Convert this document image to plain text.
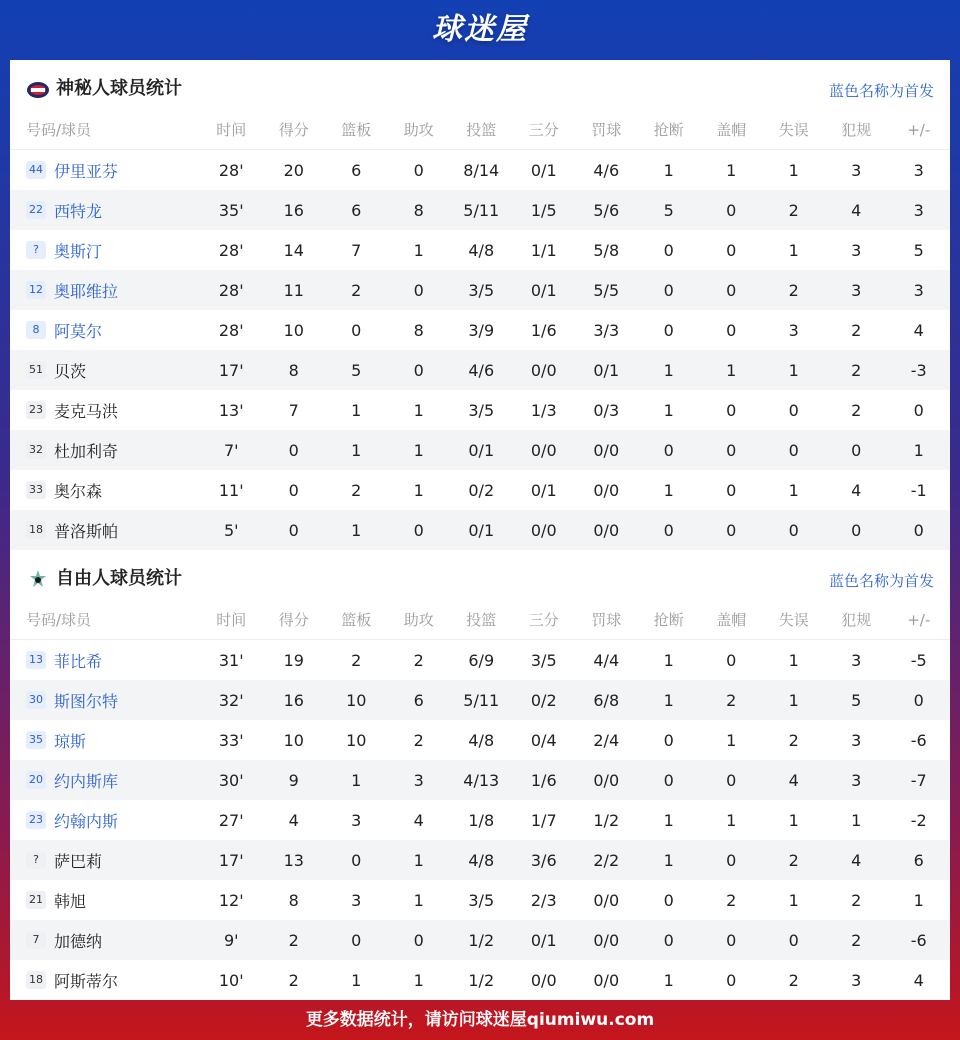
球迷屋
神秘人球员统计	蓝色名称为首发
号码/球员	时间	得分	篮板	助攻	投篮	三分	罚球	抢断	盖帽	失误	犯规	+/-
44 伊里亚芬	28'	20	6	0	8/14	0/1	4/6	1	1	1	3	3
22 西特龙	35'	16	6	8	5/11	1/5	5/6	5	0	2	4	3
? 奥斯汀	28'	14	7	1	4/8	1/1	5/8	0	0	1	3	5
12 奥耶维拉	28'	11	2	0	3/5	0/1	5/5	0	0	2	3	3
8 阿莫尔	28'	10	0	8	3/9	1/6	3/3	0	0	3	2	4
51 贝茨	17'	8	5	0	4/6	0/0	0/1	1	1	1	2	-3
23 麦克马洪	13'	7	1	1	3/5	1/3	0/3	1	0	0	2	0
32 杜加利奇	7'	0	1	1	0/1	0/0	0/0	0	0	0	0	1
33 奥尔森	11'	0	2	1	0/2	0/1	0/0	1	0	1	4	-1
18 普洛斯帕	5'	0	1	0	0/1	0/0	0/0	0	0	0	0	0
自由人球员统计	蓝色名称为首发
号码/球员	时间	得分	篮板	助攻	投篮	三分	罚球	抢断	盖帽	失误	犯规	+/-
13 菲比希	31'	19	2	2	6/9	3/5	4/4	1	0	1	3	-5
30 斯图尔特	32'	16	10	6	5/11	0/2	6/8	1	2	1	5	0
35 琼斯	33'	10	10	2	4/8	0/4	2/4	0	1	2	3	-6
20 约内斯库	30'	9	1	3	4/13	1/6	0/0	0	0	4	3	-7
23 约翰内斯	27'	4	3	4	1/8	1/7	1/2	1	1	1	1	-2
? 萨巴莉	17'	13	0	1	4/8	3/6	2/2	1	0	2	4	6
21 韩旭	12'	8	3	1	3/5	2/3	0/0	0	2	1	2	1
7 加德纳	9'	2	0	0	1/2	0/1	0/0	0	0	0	2	-6
18 阿斯蒂尔	10'	2	1	1	1/2	0/0	0/0	1	0	2	3	4
更多数据统计，请访问球迷屋qiumiwu.com
